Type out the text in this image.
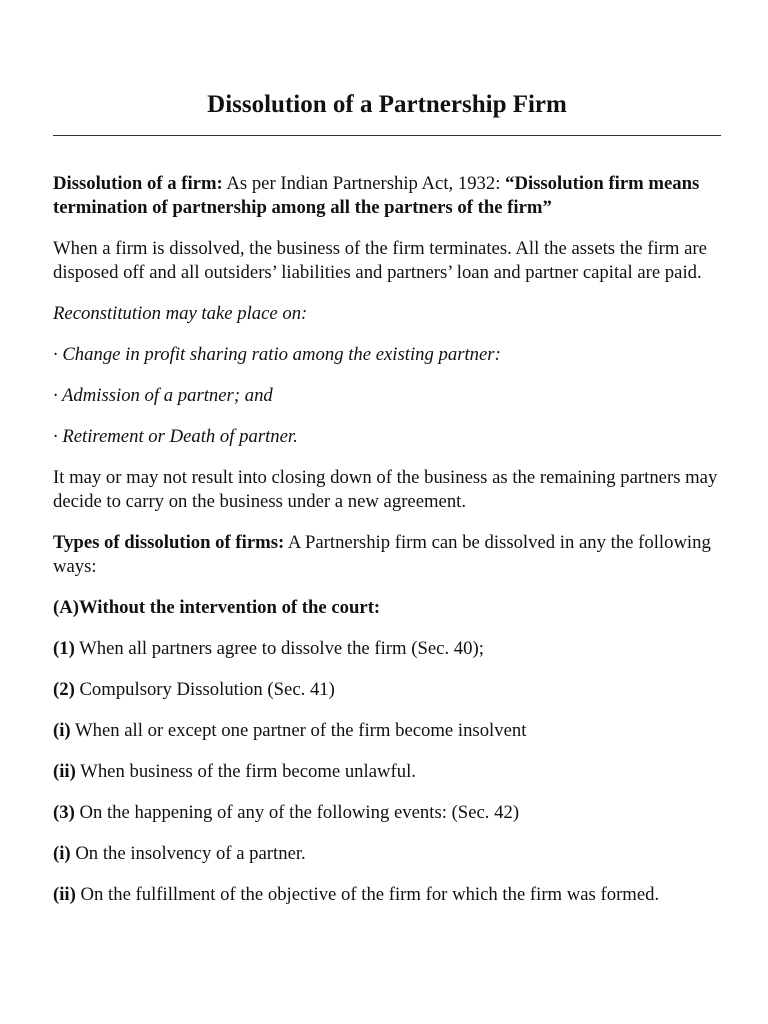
Dissolution of a Partnership Firm

Dissolution of a firm: As per Indian Partnership Act, 1932: “Dissolution firm means termination of partnership among all the partners of the firm”

When a firm is dissolved, the business of the firm terminates. All the assets the firm are disposed off and all outsiders’ liabilities and partners’ loan and partner capital are paid.

Reconstitution may take place on:

· Change in profit sharing ratio among the existing partner:

· Admission of a partner; and

· Retirement or Death of partner.

It may or may not result into closing down of the business as the remaining partners may decide to carry on the business under a new agreement.

Types of dissolution of firms: A Partnership firm can be dissolved in any the following ways:

(A)Without the intervention of the court:

(1) When all partners agree to dissolve the firm (Sec. 40);

(2) Compulsory Dissolution (Sec. 41)

(i) When all or except one partner of the firm become insolvent

(ii) When business of the firm become unlawful.

(3) On the happening of any of the following events: (Sec. 42)

(i) On the insolvency of a partner.

(ii) On the fulfillment of the objective of the firm for which the firm was formed.
